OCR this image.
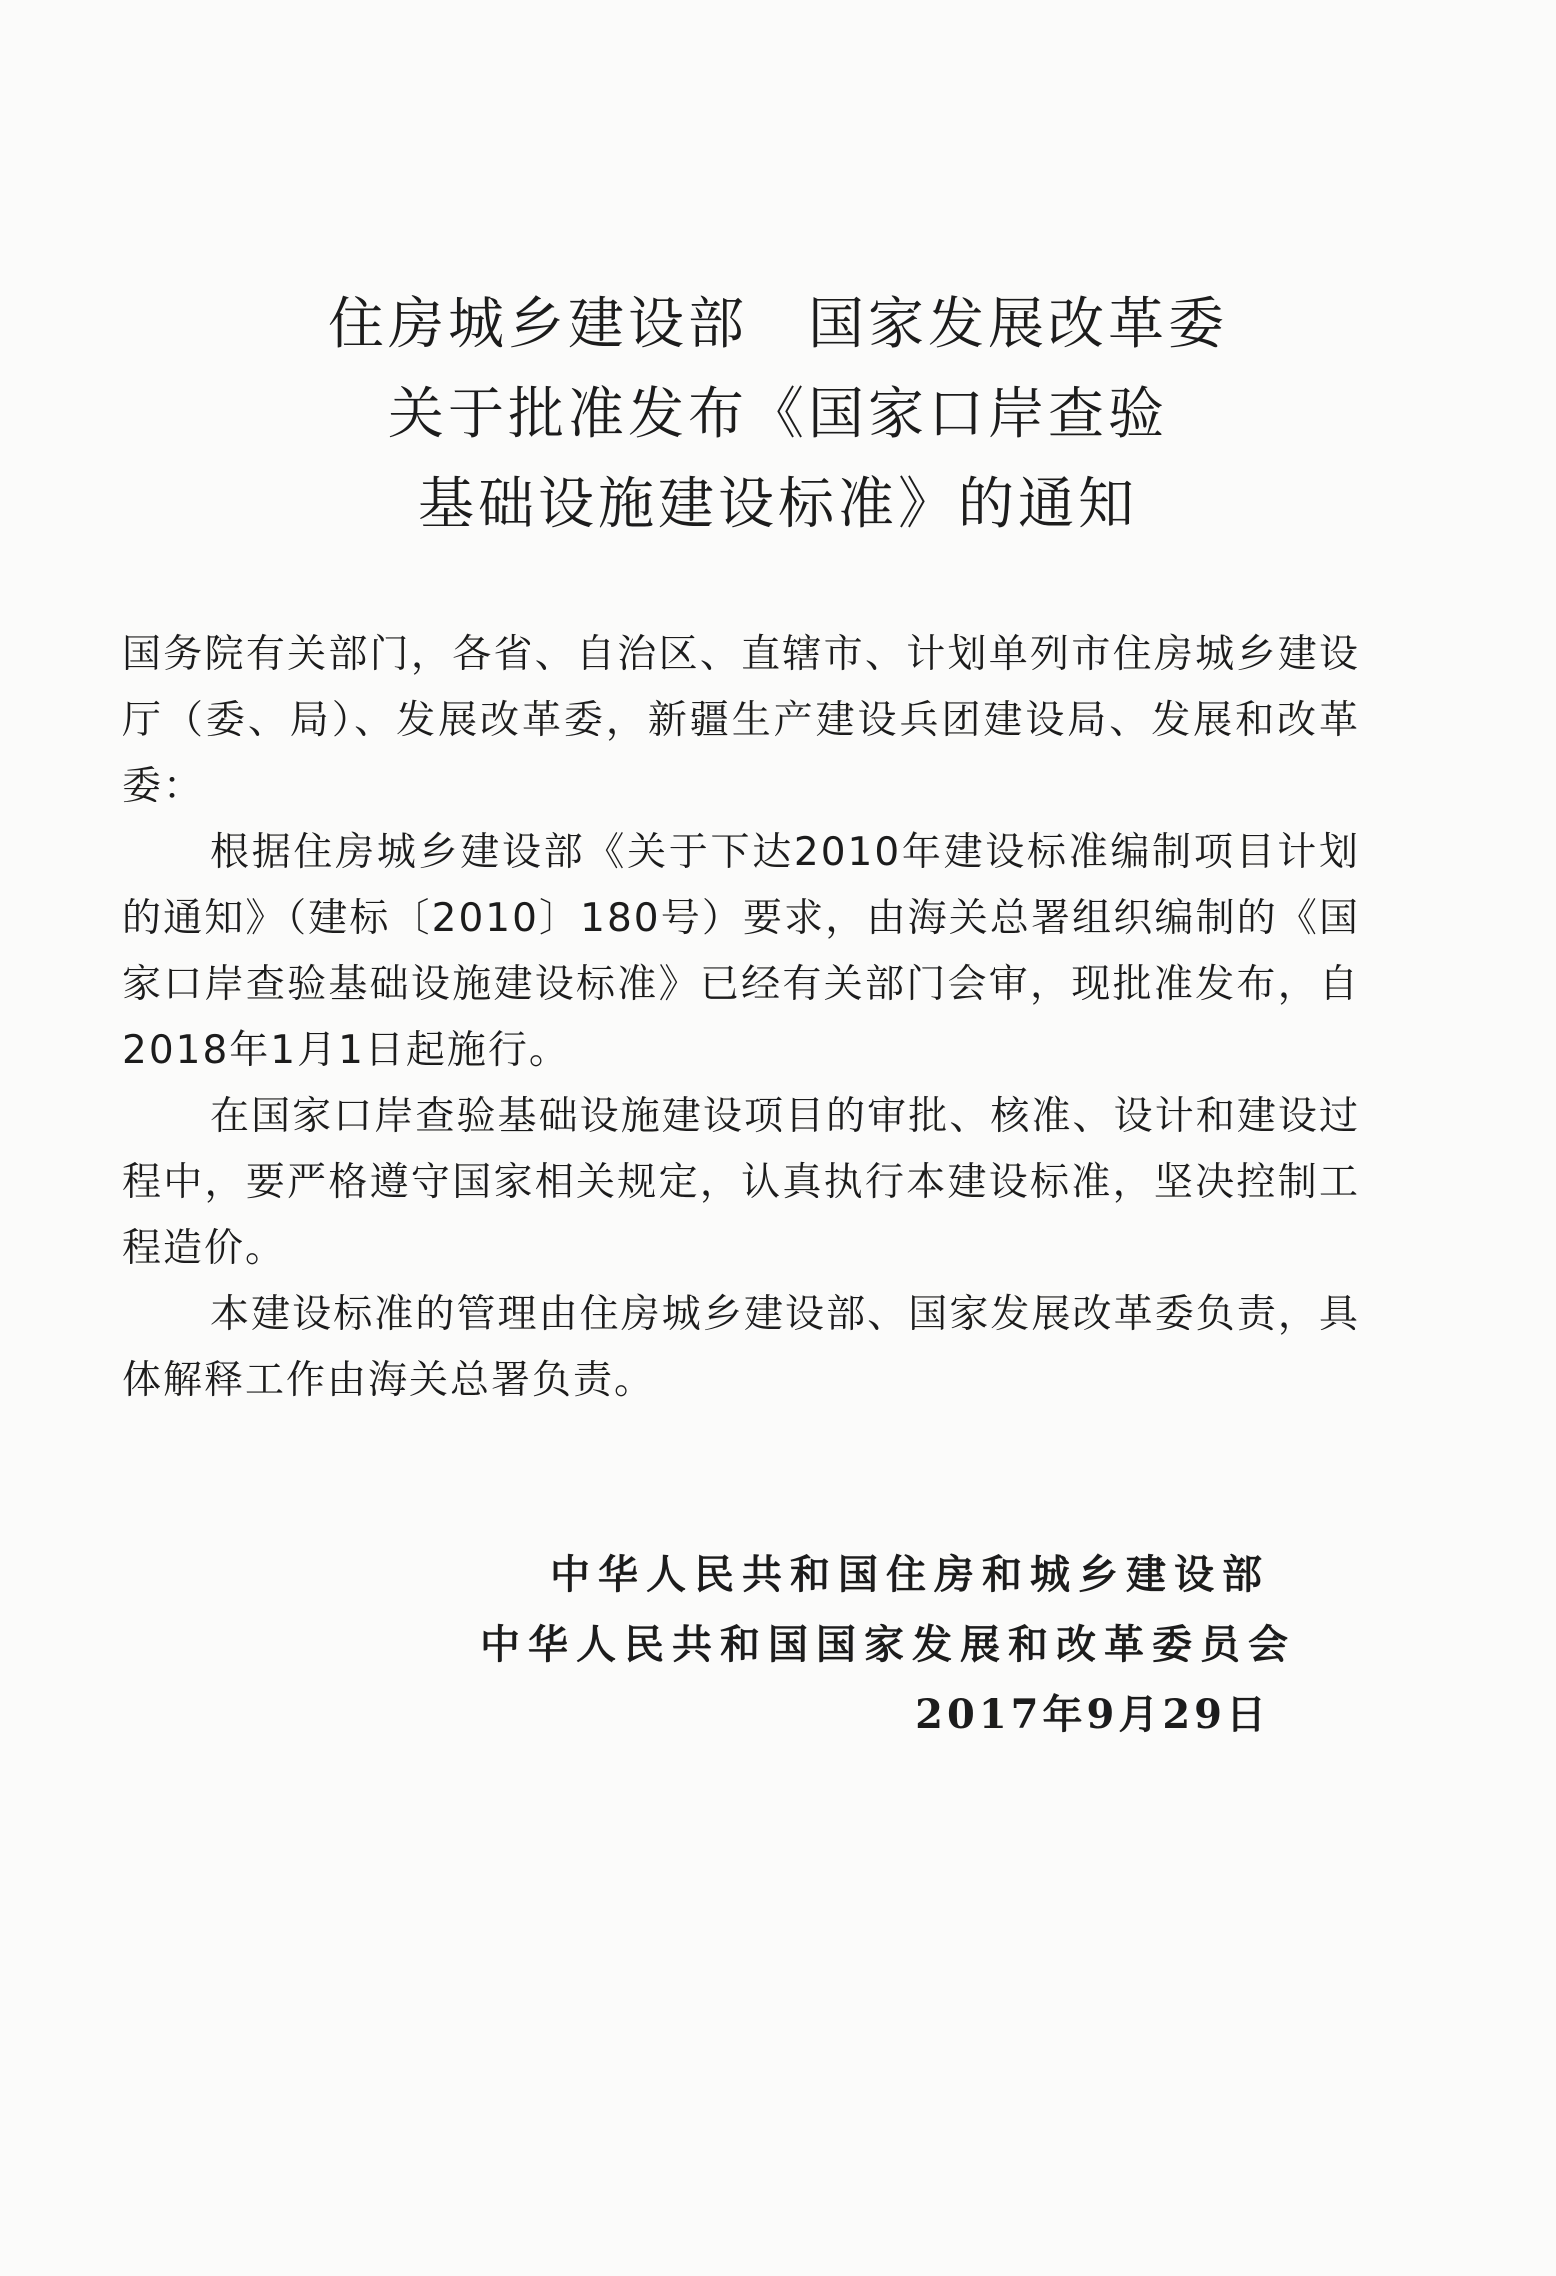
住房城乡建设部　国家发展改革委
关于批准发布《国家口岸查验
基础设施建设标准》的通知

国务院有关部门，各省、自治区、直辖市、计划单列市住房城乡建设厅（委、局）、发展改革委，新疆生产建设兵团建设局、发展和改革委：

根据住房城乡建设部《关于下达2010年建设标准编制项目计划的通知》（建标〔2010〕180号）要求，由海关总署组织编制的《国家口岸查验基础设施建设标准》已经有关部门会审，现批准发布，自2018年1月1日起施行。

在国家口岸查验基础设施建设项目的审批、核准、设计和建设过程中，要严格遵守国家相关规定，认真执行本建设标准，坚决控制工程造价。

本建设标准的管理由住房城乡建设部、国家发展改革委负责，具体解释工作由海关总署负责。

中华人民共和国住房和城乡建设部
中华人民共和国国家发展和改革委员会
2017年9月29日
